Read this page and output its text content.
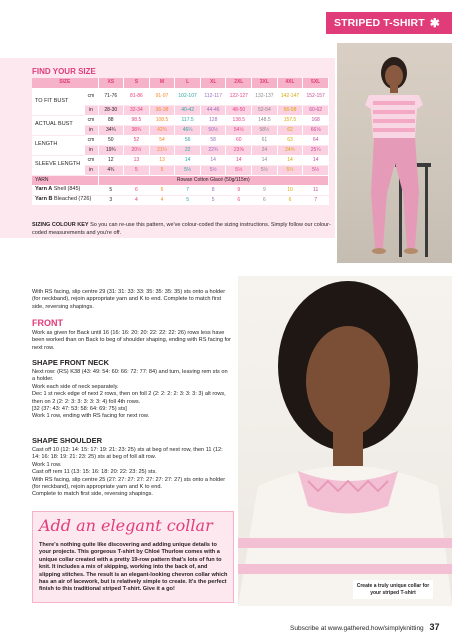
STRIPED T-SHIRT ✱
FIND YOUR SIZE
SIZE		XS	S	M	L	XL	2XL	3XL	4XL	5XL
TO FIT BUST	cm	71-76	81-86	91-97	102-107	112-117	122-127	132-137	142-147	152-157
	in	28-30	32-34	36-38	40-42	44-46	48-50	52-54	56-58	60-62
ACTUAL BUST	cm	88	98.5	108.5	117.5	128	138.5	148.5	157.5	168
	in	34¾	38¾	42¾	46¼	50½	54½	58½	62	66⅛
LENGTH	cm	50	52	54	56	58	60	61	63	64
	in	19¾	20½	21¼	22	22¾	23⅝	24	24¾	25¼
SLEEVE LENGTH	cm	12	13	13	14	14	14	14	14	14
	in	4¾	5	5	5½	5½	5½	5½	5½	5½
YARN		Rowan Cotton Glacé (50g/115m)								
Yarn A Shell (845)		5	6	6	7	8	9	9	10	11
Yarn B Bleached (726)		3	4	4	5	5	6	6	6	7
SIZING COLOUR KEY So you can re-use this pattern, we've colour-coded the sizing instructions. Simply follow our colour-coded measurements and you're off.
With RS facing, slip centre 29 (31: 31: 33: 33: 35: 35: 35: 35) sts onto a holder (for neckband), rejoin appropriate yarn and K to end. Complete to match first side, reversing shapings.
FRONT
Work as given for Back until 16 (16: 16: 20: 20: 22: 22: 22: 26) rows less have been worked than on Back to beg of shoulder shaping, ending with RS facing for next row.
SHAPE FRONT NECK
Next row: (RS) K38 (43: 49: 54: 60: 66: 72: 77: 84) and turn, leaving rem sts on a holder.
Work each side of neck separately.
Dec 1 st neck edge of next 2 rows, then on foll 2 (2: 2: 2: 2: 3: 3: 3: 3) alt rows, then on 2 (2: 2: 3: 3: 3: 3: 3: 4) foll 4th rows.
[32 (37: 43: 47: 53: 58: 64: 69: 75) sts]
Work 1 row, ending with RS facing for next row.
SHAPE SHOULDER
Cast off 10 (12: 14: 15: 17: 19: 21: 23: 25) sts at beg of next row, then 11 (12: 14: 16: 18: 19: 21: 23: 25) sts at beg of foll alt row.
Work 1 row.
Cast off rem 11 (13: 15: 16: 18: 20: 22: 23: 25) sts.
With RS facing, slip centre 25 (27: 27: 27: 27: 27: 27: 27: 27) sts onto a holder (for neckband), rejoin appropriate yarn and K to end.
Complete to match first side, reversing shapings.
Add an elegant collar
There's nothing quite like discovering and adding unique details to your projects. This gorgeous T-shirt by Chloé Thurlow comes with a unique collar created with a pretty 19-row pattern that's lots of fun to knit. It includes a mix of skipping, working into the back of, and slipping stitches. The result is an elegant-looking chevron collar which has an air of lacework, but is relatively simple to create. It's the perfect finish to this traditional striped T-shirt. Give it a go!
Create a truly unique collar for your striped T-shirt
Subscribe at www.gathered.how/simplyknitting 37
